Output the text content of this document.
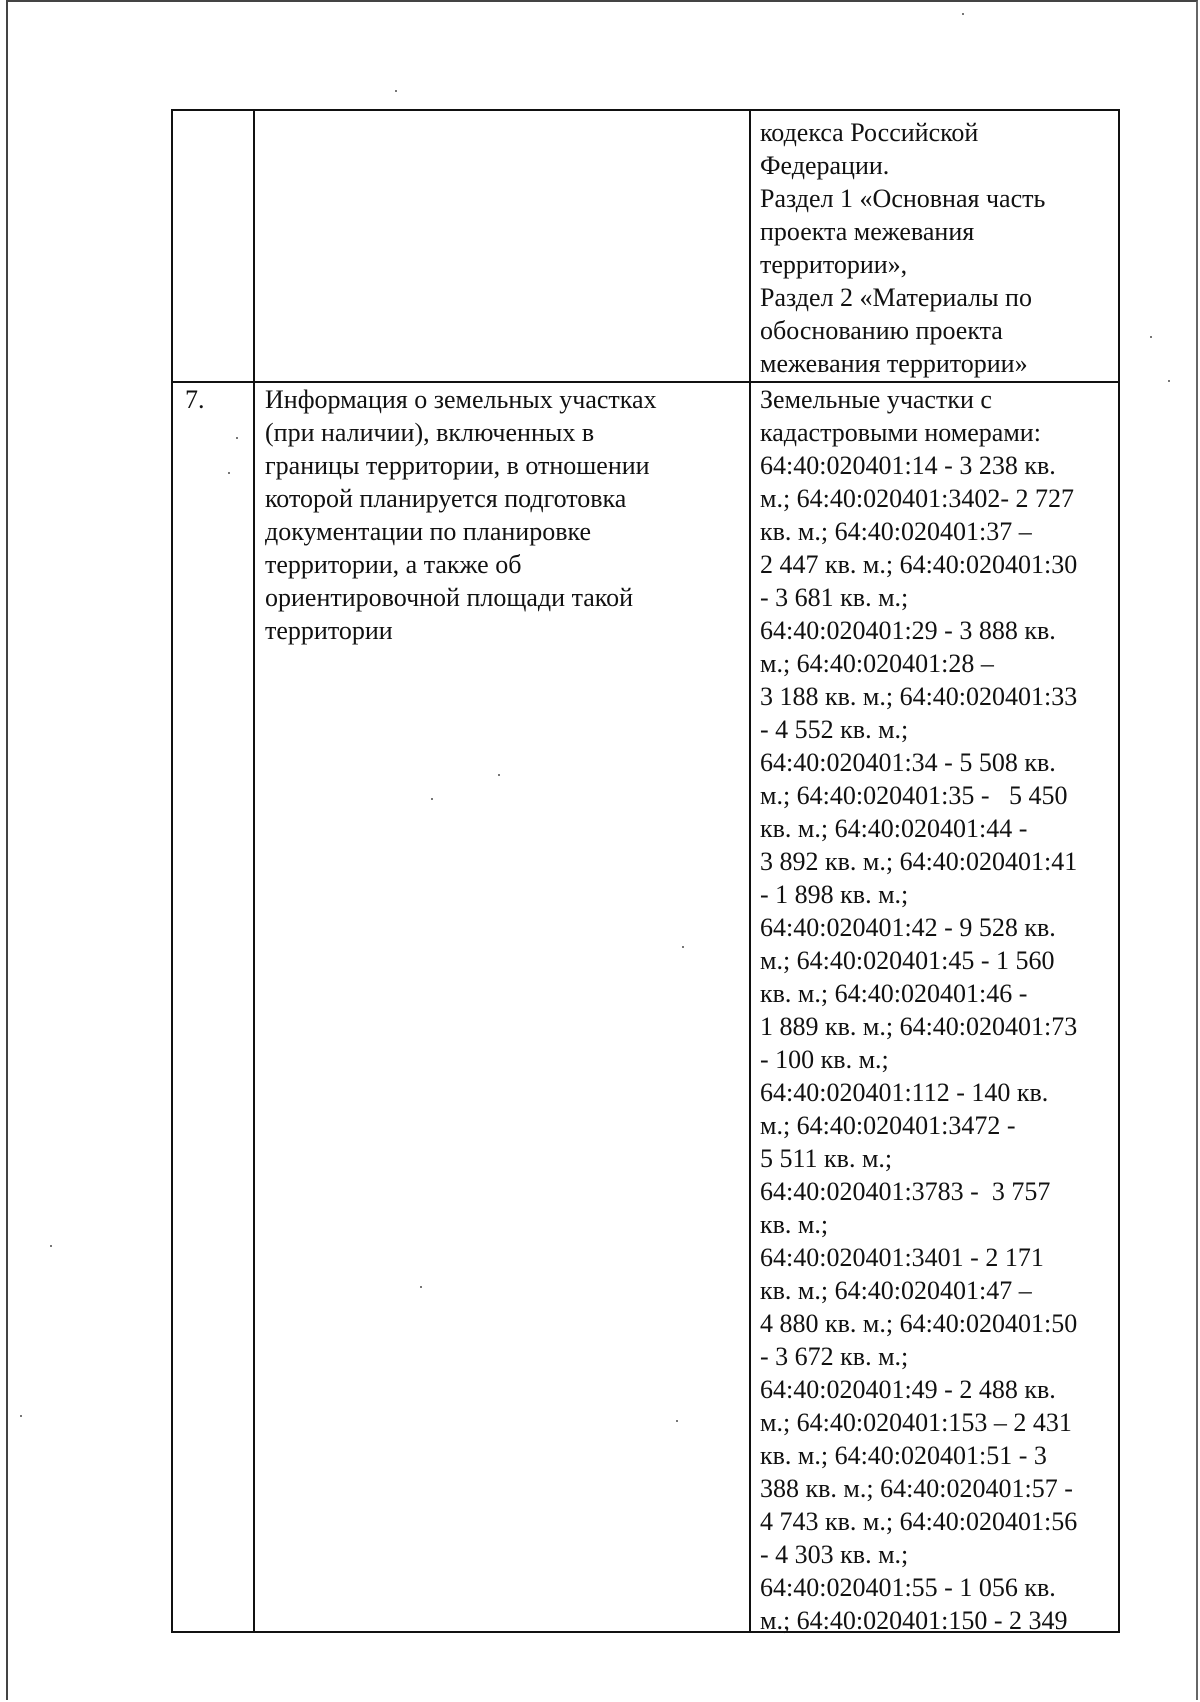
кодекса Российской
Федерации.
Раздел 1 «Основная часть
проекта межевания
территории»,
Раздел 2 «Материалы по
обоснованию проекта
межевания территории»

7.	Информация о земельных участках
(при наличии), включенных в
границы территории, в отношении
которой планируется подготовка
документации по планировке
территории, а также об
ориентировочной площади такой
территории

Земельные участки с
кадастровыми номерами:
64:40:020401:14 - 3 238 кв.
м.; 64:40:020401:3402- 2 727
кв. м.; 64:40:020401:37 –
2 447 кв. м.; 64:40:020401:30
- 3 681 кв. м.;
64:40:020401:29 - 3 888 кв.
м.; 64:40:020401:28 –
3 188 кв. м.; 64:40:020401:33
- 4 552 кв. м.;
64:40:020401:34 - 5 508 кв.
м.; 64:40:020401:35 -   5 450
кв. м.; 64:40:020401:44 -
3 892 кв. м.; 64:40:020401:41
- 1 898 кв. м.;
64:40:020401:42 - 9 528 кв.
м.; 64:40:020401:45 - 1 560
кв. м.; 64:40:020401:46 -
1 889 кв. м.; 64:40:020401:73
- 100 кв. м.;
64:40:020401:112 - 140 кв.
м.; 64:40:020401:3472 -
5 511 кв. м.;
64:40:020401:3783 -  3 757
кв. м.;
64:40:020401:3401 - 2 171
кв. м.; 64:40:020401:47 –
4 880 кв. м.; 64:40:020401:50
- 3 672 кв. м.;
64:40:020401:49 - 2 488 кв.
м.; 64:40:020401:153 – 2 431
кв. м.; 64:40:020401:51 - 3
388 кв. м.; 64:40:020401:57 -
4 743 кв. м.; 64:40:020401:56
- 4 303 кв. м.;
64:40:020401:55 - 1 056 кв.
м.; 64:40:020401:150 - 2 349
